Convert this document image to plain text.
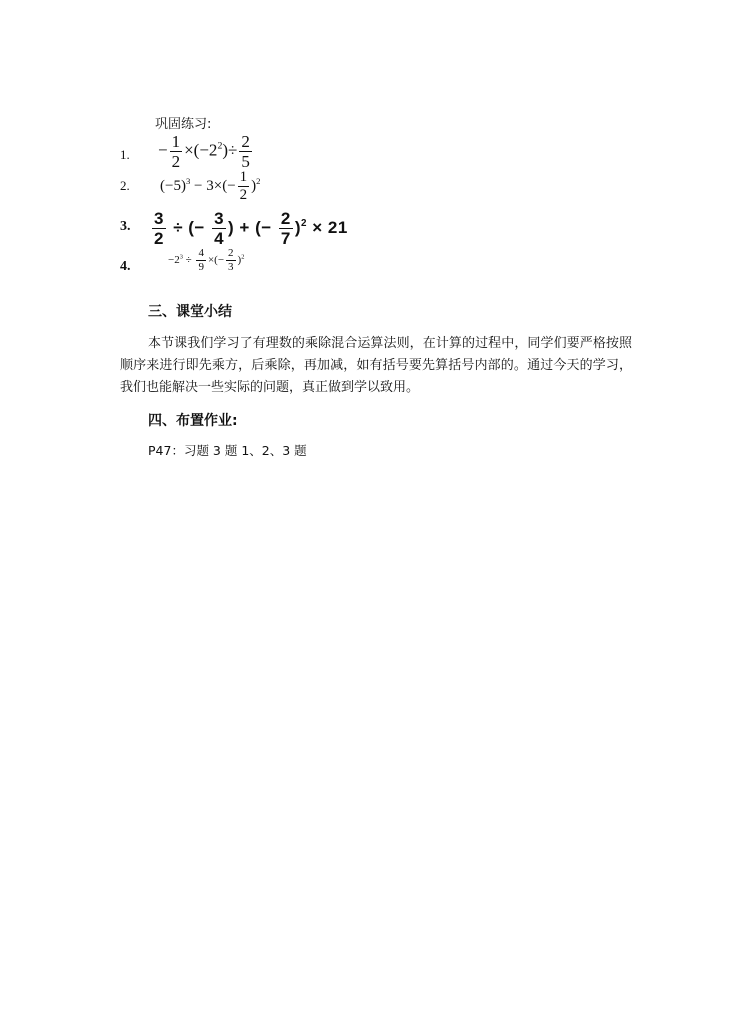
巩固练习:
1. − $\frac{1}{2} \times(-2^2)\div \frac{2}{5}$
2. $(-5)^3 - 3\times(- \frac{1}{2} )^2$
3. $\frac{3}{2}$ ÷ (− $\frac{3}{4}$ ) + (− $\frac{2}{7} )^2 \times 21$
4.	$-2^3 \div \frac{4}{9}$ ×(− $\frac{2}{3} )^2$
三、课堂小结
本节课我们学习了有理数的乘除混合运算法则，在计算的过程中，同学们要严格按照顺序来进行即先乘方，后乘除，再加减，如有括号要先算括号内部的。通过今天的学习，我们也能解决一些实际的问题，真正做到学以致用。
四、布置作业:
P47：习题 3 题 1、2、3 题
